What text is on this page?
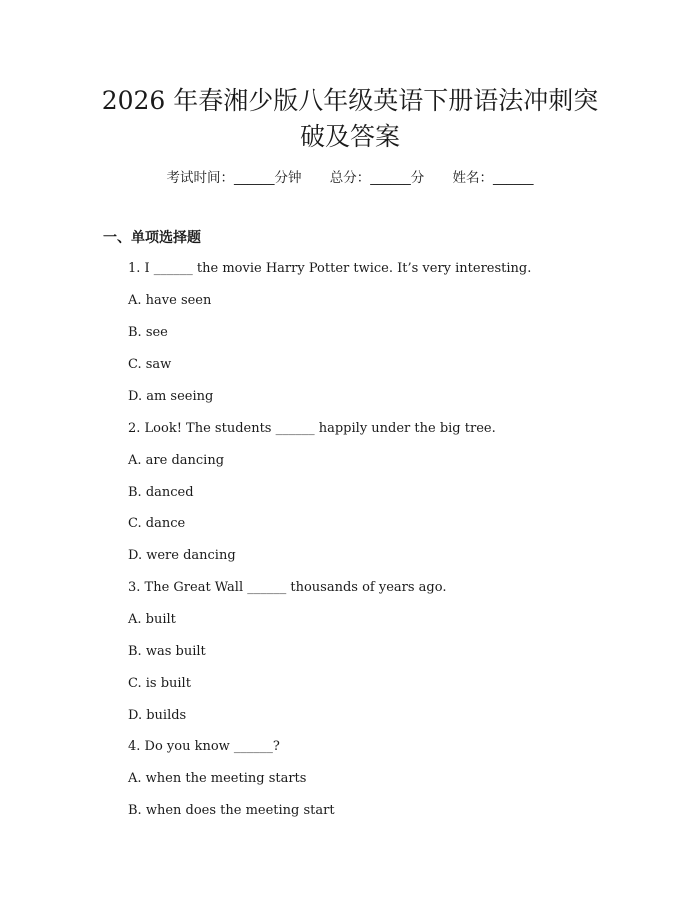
2026 年春湘少版八年级英语下册语法冲刺突
破及答案
考试时间：______分钟 总分：______分 姓名：______
一、单项选择题
1. I ______ the movie Harry Potter twice. It’s very interesting.
A. have seen
B. see
C. saw
D. am seeing
2. Look! The students ______ happily under the big tree.
A. are dancing
B. danced
C. dance
D. were dancing
3. The Great Wall ______ thousands of years ago.
A. built
B. was built
C. is built
D. builds
4. Do you know ______?
A. when the meeting starts
B. when does the meeting start
